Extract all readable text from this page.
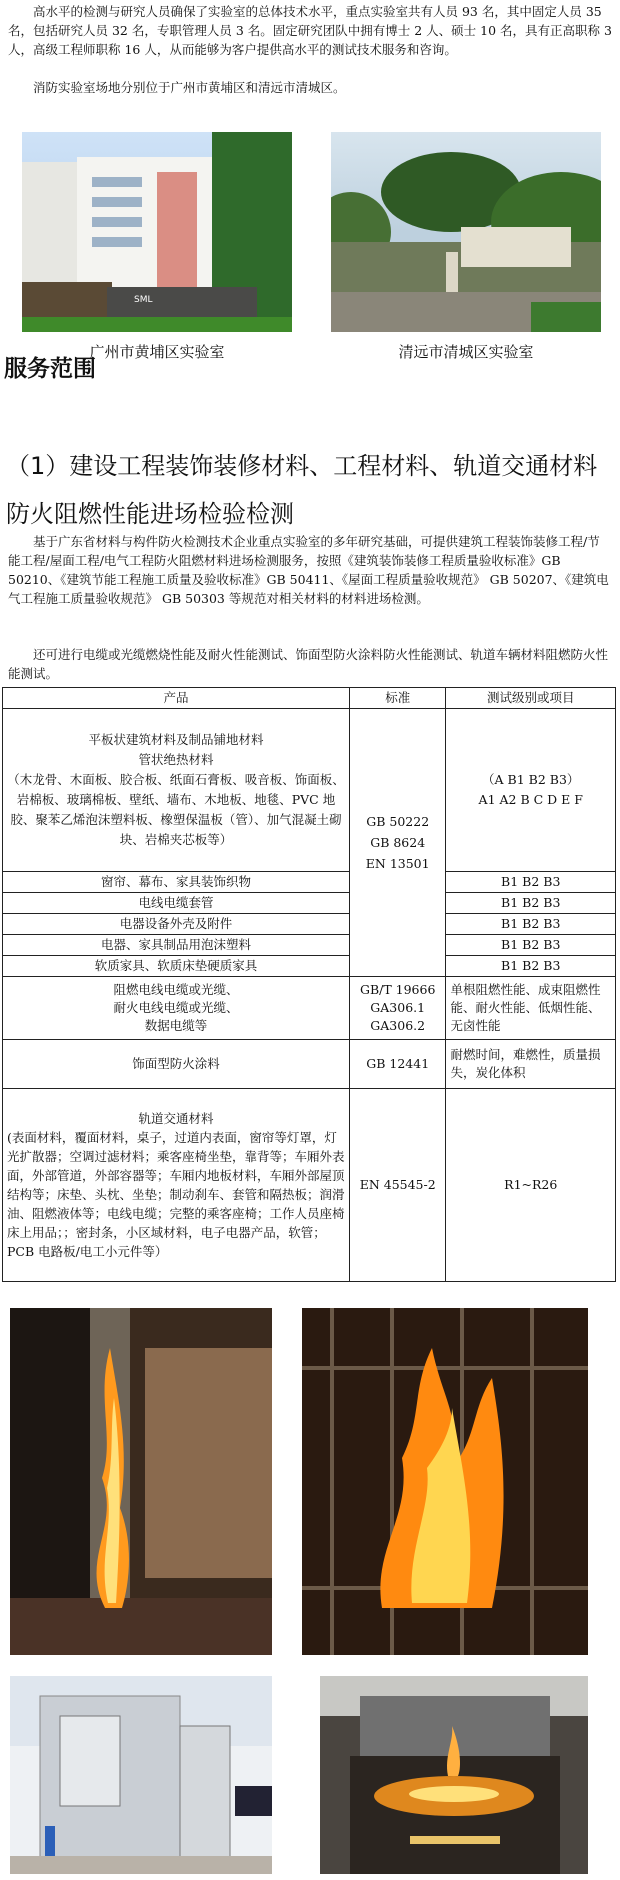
高水平的检测与研究人员确保了实验室的总体技术水平，重点实验室共有人员 93 名，其中固定人员 35 名，包括研究人员 32 名，专职管理人员 3 名。固定研究团队中拥有博士 2 人、硕士 10 名，具有正高职称 3 人，高级工程师职称 16 人，从而能够为客户提供高水平的测试技术服务和咨询。

消防实验室场地分别位于广州市黄埔区和清远市清城区。

SML
广州市黄埔区实验室	清远市清城区实验室
服务范围
（1）建设工程装饰装修材料、工程材料、轨道交通材料防火阻燃性能进场检验检测

基于广东省材料与构件防火检测技术企业重点实验室的多年研究基础，可提供建筑工程装饰装修工程/节能工程/屋面工程/电气工程防火阻燃材料进场检测服务，按照《建筑装饰装修工程质量验收标准》GB 50210、《建筑节能工程施工质量及验收标准》GB 50411、《屋面工程质量验收规范》 GB 50207、《建筑电气工程施工质量验收规范》 GB 50303 等规范对相关材料的材料进场检测。

还可进行电缆或光缆燃烧性能及耐火性能测试、饰面型防火涂料防火性能测试、轨道车辆材料阻燃防火性能测试。

产品	标准	测试级别或项目
平板状建筑材料及制品铺地材料
管状绝热材料
（木龙骨、木面板、胶合板、纸面石膏板、吸音板、饰面板、岩棉板、玻璃棉板、壁纸、墙布、木地板、地毯、PVC 地胶、聚苯乙烯泡沫塑料板、橡塑保温板（管）、加气混凝土砌块、岩棉夹芯板等）	GB 50222
GB 8624
EN 13501	（A B1 B2 B3）
A1 A2 B C D E F
窗帘、幕布、家具装饰织物		B1 B2 B3
电线电缆套管		B1 B2 B3
电器设备外壳及附件		B1 B2 B3
电器、家具制品用泡沫塑料		B1 B2 B3
软质家具、软质床垫硬质家具		B1 B2 B3
阻燃电线电缆或光缆、
耐火电线电缆或光缆、
数据电缆等	GB/T 19666
GA306.1
GA306.2	单根阻燃性能、成束阻燃性能、耐火性能、低烟性能、无卤性能
饰面型防火涂料	GB 12441	耐燃时间，难燃性，质量损失，炭化体积

轨道交通材料
(表面材料，覆面材料，桌子，过道内表面，窗帘等灯罩，灯光扩散器；空调过滤材料；乘客座椅坐垫，靠背等；车厢外表面，外部管道，外部容器等；车厢内地板材料，车厢外部屋顶结构等；床垫、头枕、坐垫；制动刹车、套管和隔热板；润滑油、阻燃液体等；电线电缆；完整的乘客座椅；工作人员座椅床上用品；；密封条，小区域材料，电子电器产品，软管；PCB 电路板/电工小元件等）	EN 45545-2	R1~R26
